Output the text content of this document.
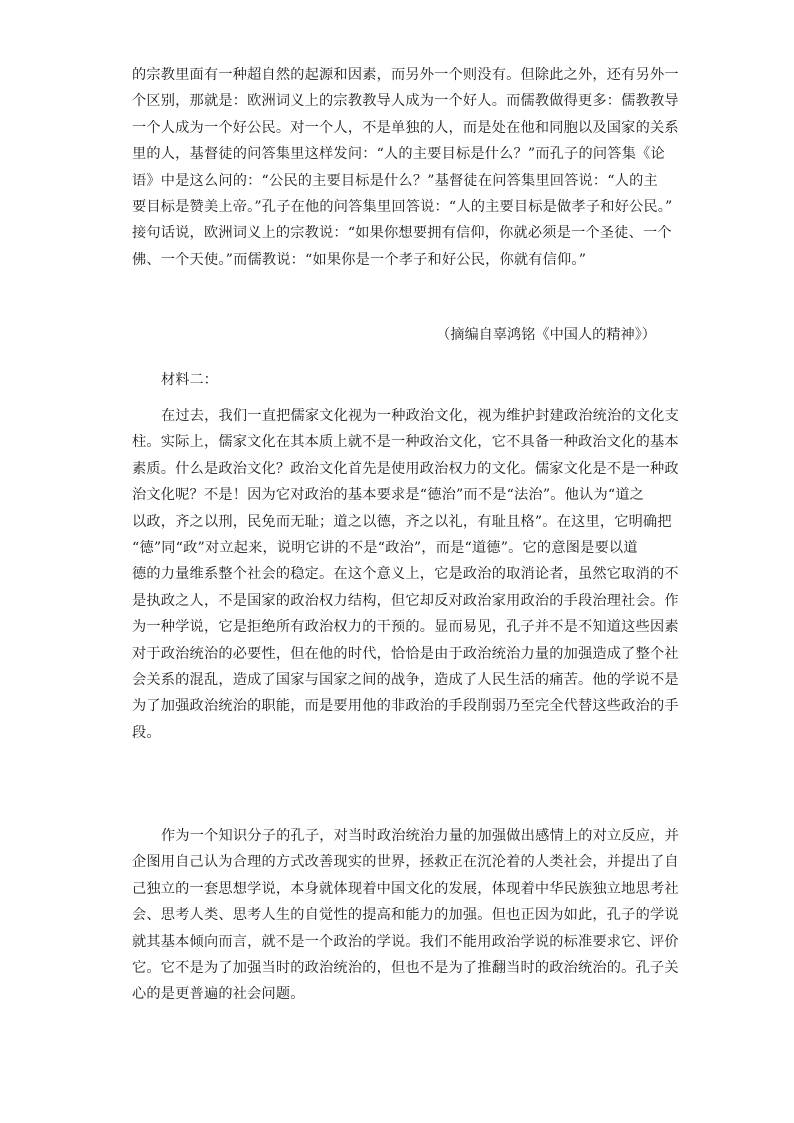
的宗教里面有一种超自然的起源和因素，而另外一个则没有。但除此之外，还有另外一
个区别，那就是：欧洲词义上的宗教教导人成为一个好人。而儒教做得更多：儒教教导
一个人成为一个好公民。对一个人，不是单独的人，而是处在他和同胞以及国家的关系
里的人，基督徒的问答集里这样发问：“人的主要目标是什么？”而孔子的问答集《论
语》中是这么问的：“公民的主要目标是什么？”基督徒在问答集里回答说：“人的主
要目标是赞美上帝。”孔子在他的问答集里回答说：“人的主要目标是做孝子和好公民。”
接句话说，欧洲词义上的宗教说：“如果你想要拥有信仰，你就必须是一个圣徒、一个
佛、一个天使。”而儒教说：“如果你是一个孝子和好公民，你就有信仰。”
（摘编自辜鸿铭《中国人的精神》）
材料二：
在过去，我们一直把儒家文化视为一种政治文化，视为维护封建政治统治的文化支
柱。实际上，儒家文化在其本质上就不是一种政治文化，它不具备一种政治文化的基本
素质。什么是政治文化？政治文化首先是使用政治权力的文化。儒家文化是不是一种政
治文化呢？不是！因为它对政治的基本要求是“德治”而不是“法治”。他认为“道之
以政，齐之以刑，民免而无耻；道之以德，齐之以礼，有耻且格”。在这里，它明确把
“德”同“政”对立起来，说明它讲的不是“政治”，而是“道德”。它的意图是要以道
德的力量维系整个社会的稳定。在这个意义上，它是政治的取消论者，虽然它取消的不
是执政之人，不是国家的政治权力结构，但它却反对政治家用政治的手段治理社会。作
为一种学说，它是拒绝所有政治权力的干预的。显而易见，孔子并不是不知道这些因素
对于政治统治的必要性，但在他的时代，恰恰是由于政治统治力量的加强造成了整个社
会关系的混乱，造成了国家与国家之间的战争，造成了人民生活的痛苦。他的学说不是
为了加强政治统治的职能，而是要用他的非政治的手段削弱乃至完全代替这些政治的手
段。
作为一个知识分子的孔子，对当时政治统治力量的加强做出感情上的对立反应，并
企图用自己认为合理的方式改善现实的世界，拯救正在沉沦着的人类社会，并提出了自
己独立的一套思想学说，本身就体现着中国文化的发展，体现着中华民族独立地思考社
会、思考人类、思考人生的自觉性的提高和能力的加强。但也正因为如此，孔子的学说
就其基本倾向而言，就不是一个政治的学说。我们不能用政治学说的标准要求它、评价
它。它不是为了加强当时的政治统治的，但也不是为了推翻当时的政治统治的。孔子关
心的是更普遍的社会问题。
